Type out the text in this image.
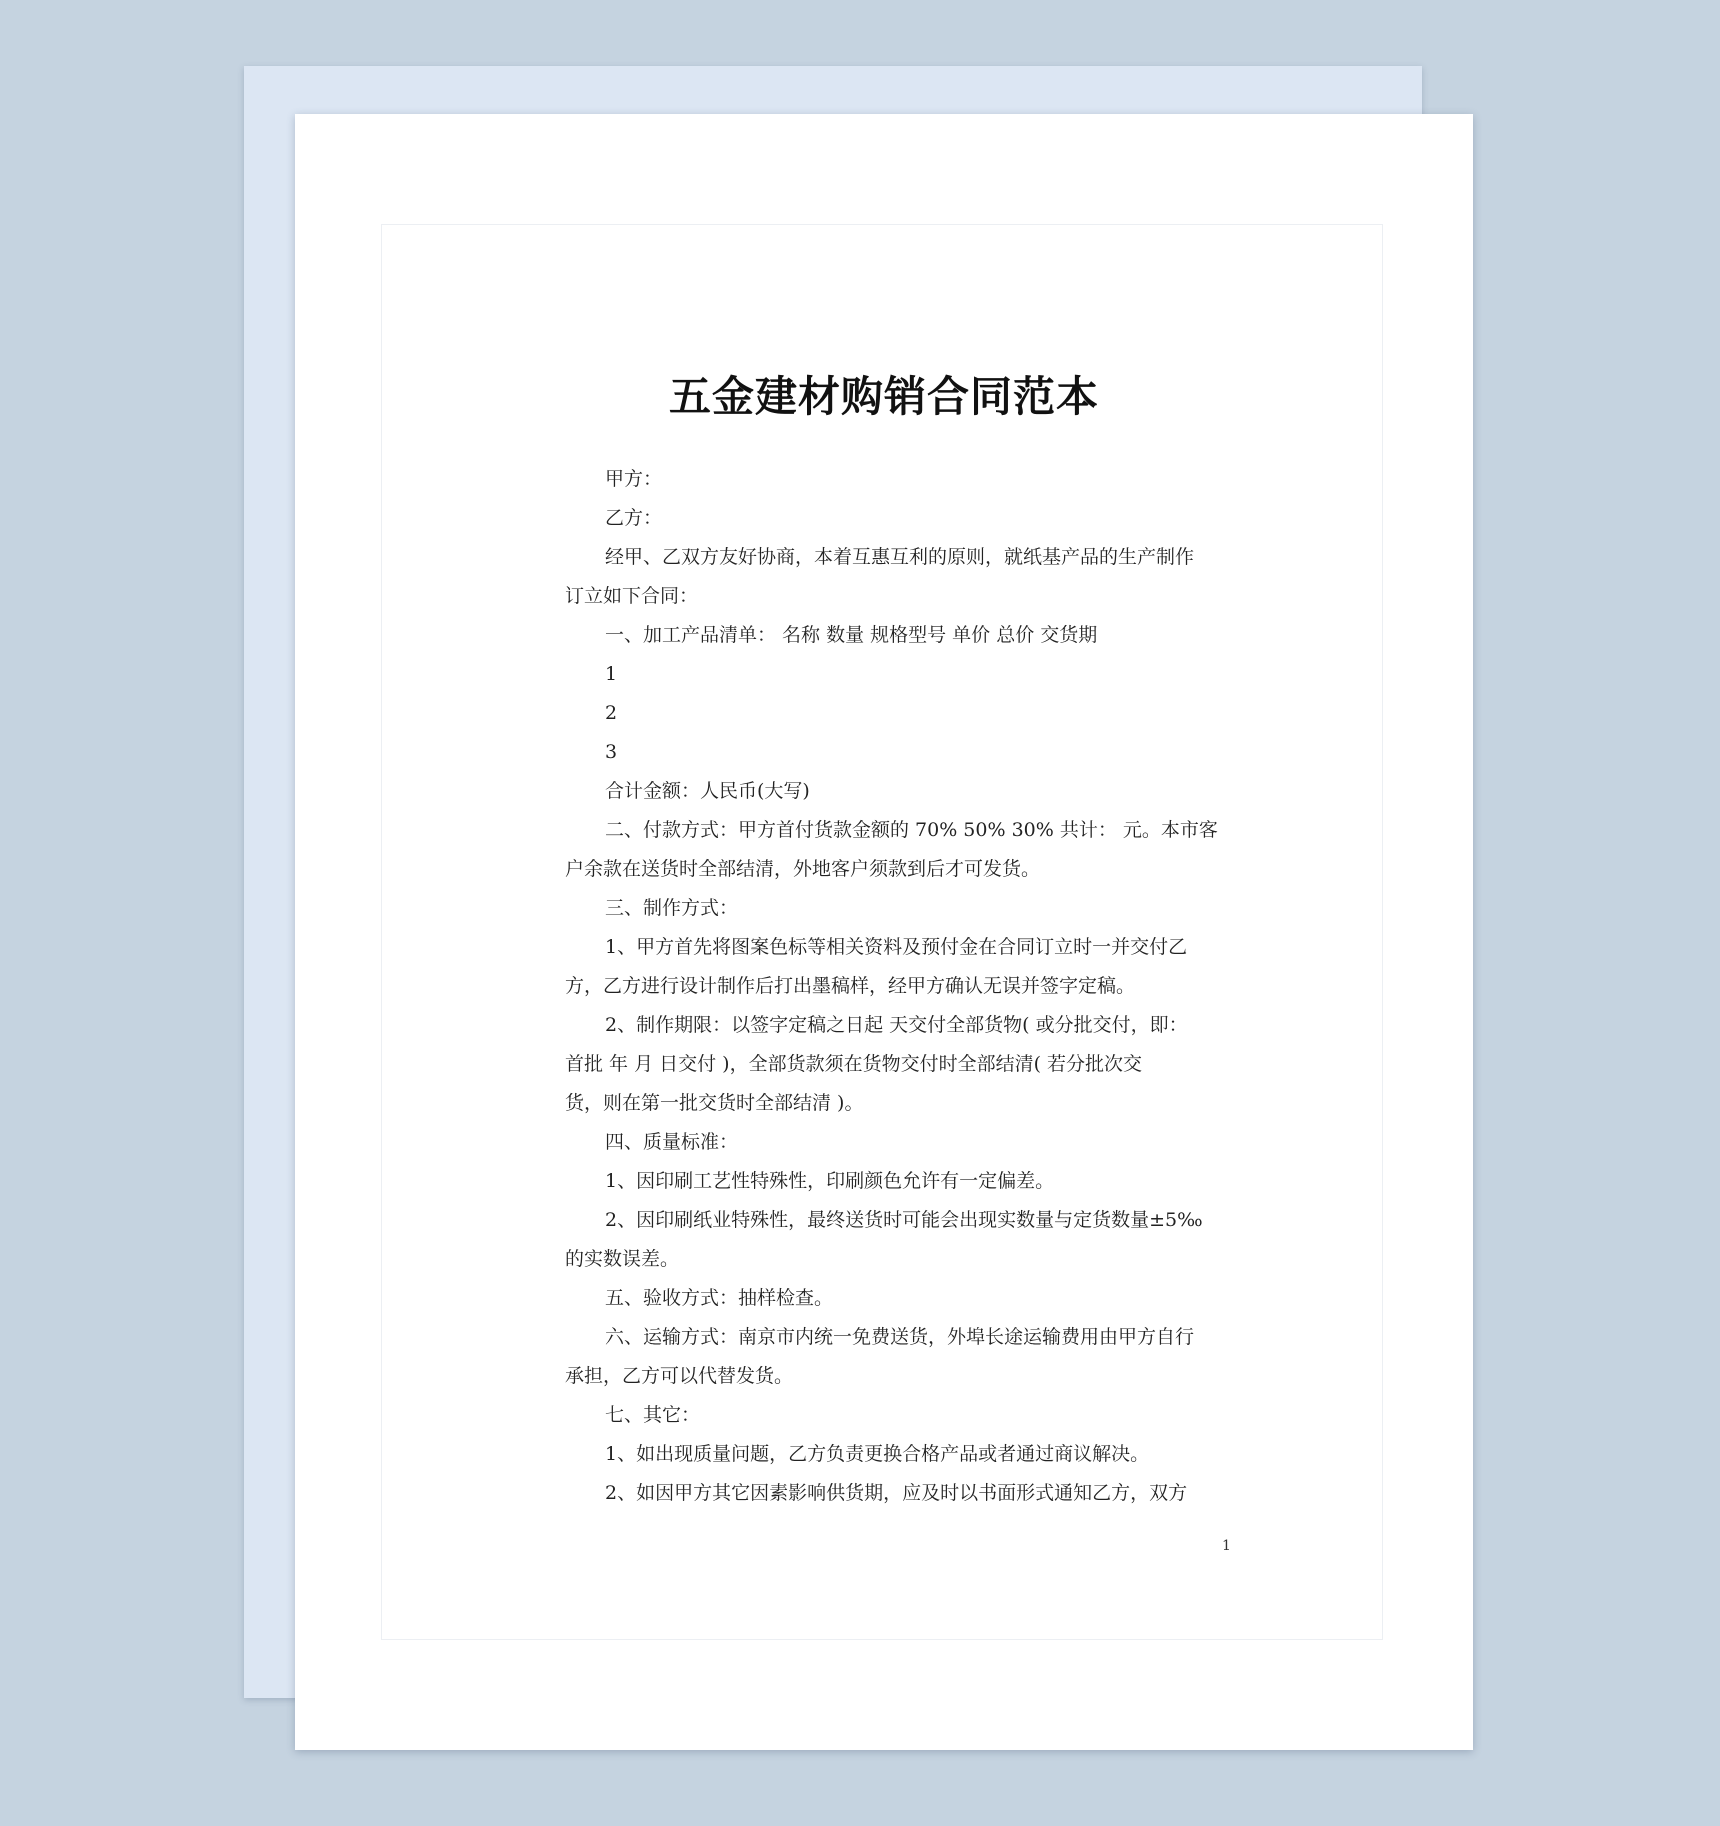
五金建材购销合同范本

甲方：

乙方：

经甲、乙双方友好协商，本着互惠互利的原则，就纸基产品的生产制作

订立如下合同：

一、加工产品清单： 名称 数量 规格型号 单价 总价 交货期

1

2

3

合计金额：人民币(大写)

二、付款方式：甲方首付货款金额的 70% 50% 30% 共计： 元。本市客

户余款在送货时全部结清，外地客户须款到后才可发货。

三、制作方式：

1、甲方首先将图案色标等相关资料及预付金在合同订立时一并交付乙

方，乙方进行设计制作后打出墨稿样，经甲方确认无误并签字定稿。

2、制作期限：以签字定稿之日起 天交付全部货物( 或分批交付，即：

首批 年 月 日交付 )，全部货款须在货物交付时全部结清( 若分批次交

货，则在第一批交货时全部结清 )。

四、质量标准：

1、因印刷工艺性特殊性，印刷颜色允许有一定偏差。

2、因印刷纸业特殊性，最终送货时可能会出现实数量与定货数量±5‰

的实数误差。

五、验收方式：抽样检查。

六、运输方式：南京市内统一免费送货，外埠长途运输费用由甲方自行

承担，乙方可以代替发货。

七、其它：

1、如出现质量问题，乙方负责更换合格产品或者通过商议解决。

2、如因甲方其它因素影响供货期，应及时以书面形式通知乙方，双方

1
